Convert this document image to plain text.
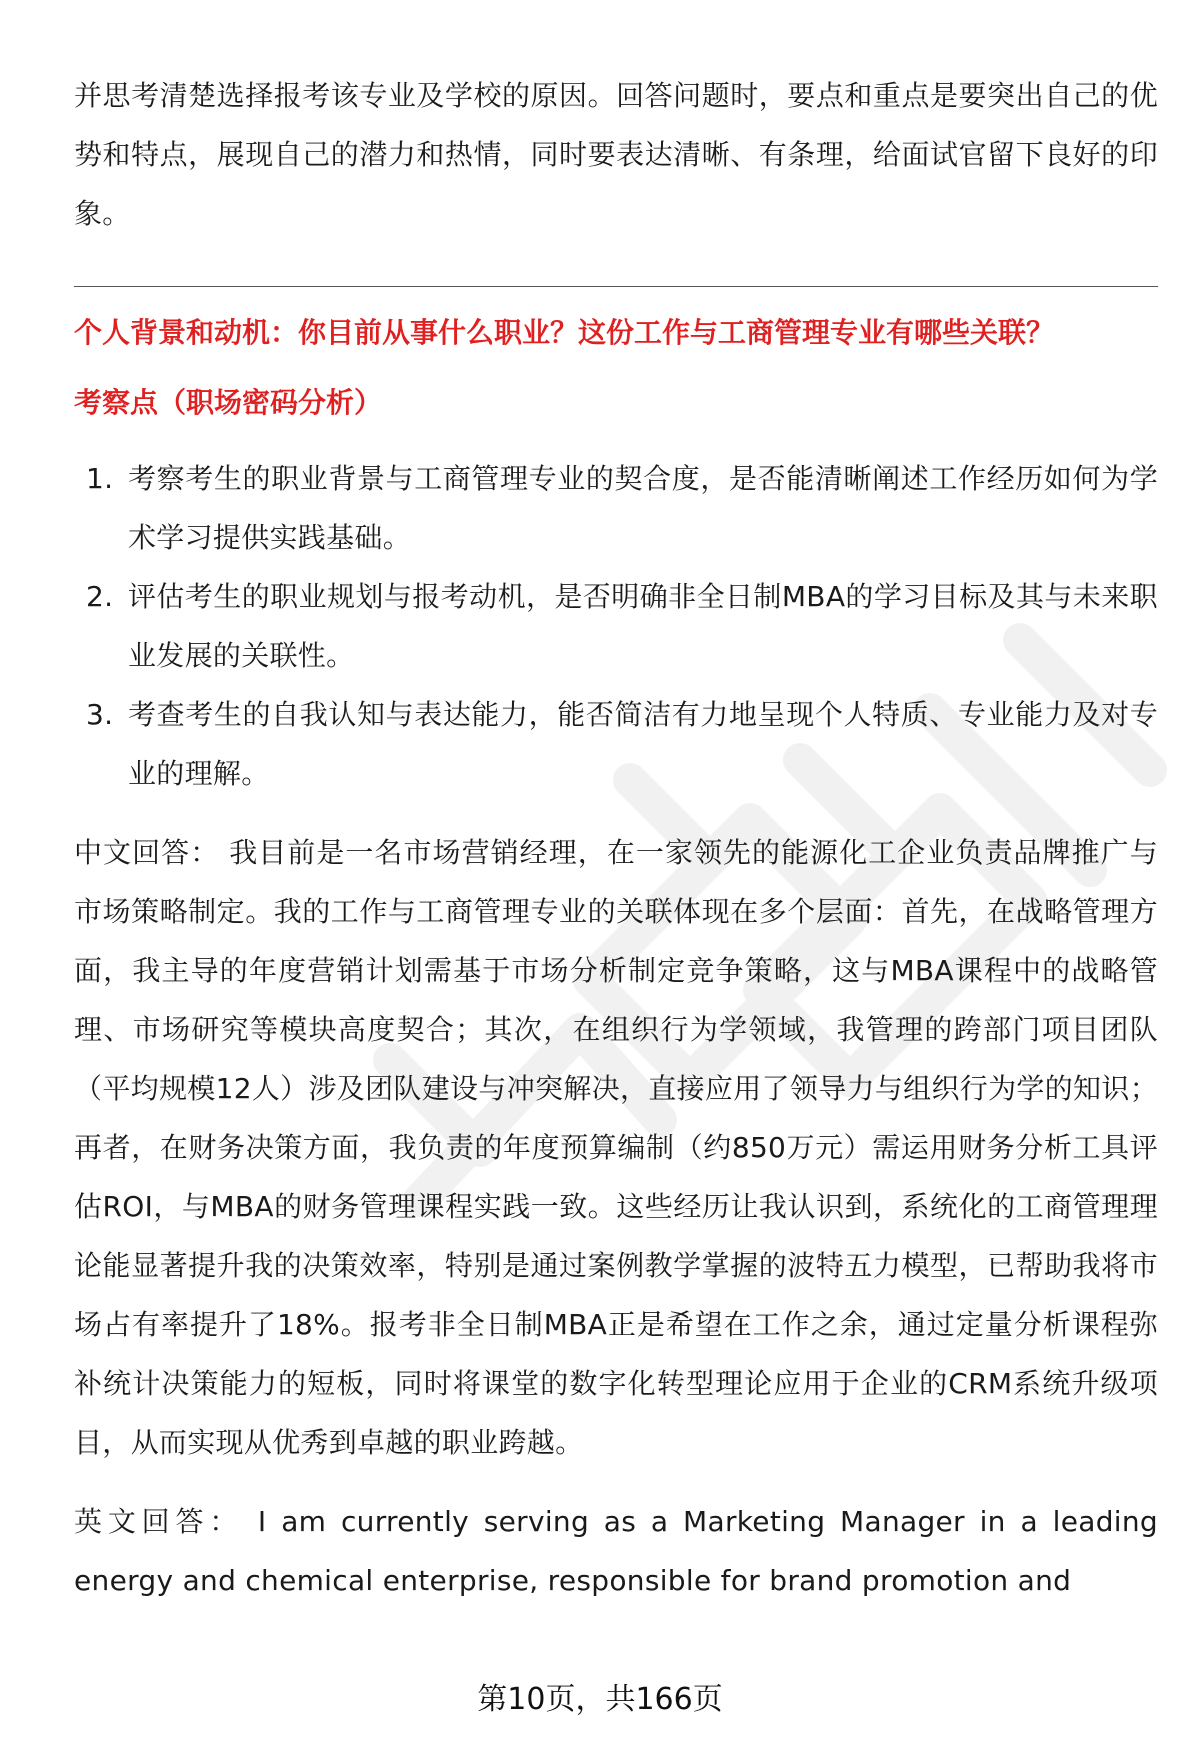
并思考清楚选择报考该专业及学校的原因。回答问题时，要点和重点是要突出自己的优势和特点，展现自己的潜力和热情，同时要表达清晰、有条理，给面试官留下良好的印象。

个人背景和动机：你目前从事什么职业？这份工作与工商管理专业有哪些关联？

考察点（职场密码分析）

1. 考察考生的职业背景与工商管理专业的契合度，是否能清晰阐述工作经历如何为学术学习提供实践基础。
2. 评估考生的职业规划与报考动机，是否明确非全日制MBA的学习目标及其与未来职业发展的关联性。
3. 考查考生的自我认知与表达能力，能否简洁有力地呈现个人特质、专业能力及对专业的理解。

中文回答： 我目前是一名市场营销经理，在一家领先的能源化工企业负责品牌推广与市场策略制定。我的工作与工商管理专业的关联体现在多个层面：首先，在战略管理方面，我主导的年度营销计划需基于市场分析制定竞争策略，这与MBA课程中的战略管理、市场研究等模块高度契合；其次，在组织行为学领域，我管理的跨部门项目团队（平均规模12人）涉及团队建设与冲突解决，直接应用了领导力与组织行为学的知识；再者，在财务决策方面，我负责的年度预算编制（约850万元）需运用财务分析工具评估ROI，与MBA的财务管理课程实践一致。这些经历让我认识到，系统化的工商管理理论能显著提升我的决策效率，特别是通过案例教学掌握的波特五力模型，已帮助我将市场占有率提升了18%。报考非全日制MBA正是希望在工作之余，通过定量分析课程弥补统计决策能力的短板，同时将课堂的数字化转型理论应用于企业的CRM系统升级项目，从而实现从优秀到卓越的职业跨越。

英文回答： I am currently serving as a Marketing Manager in a leading energy and chemical enterprise, responsible for brand promotion and

第10页，共166页
